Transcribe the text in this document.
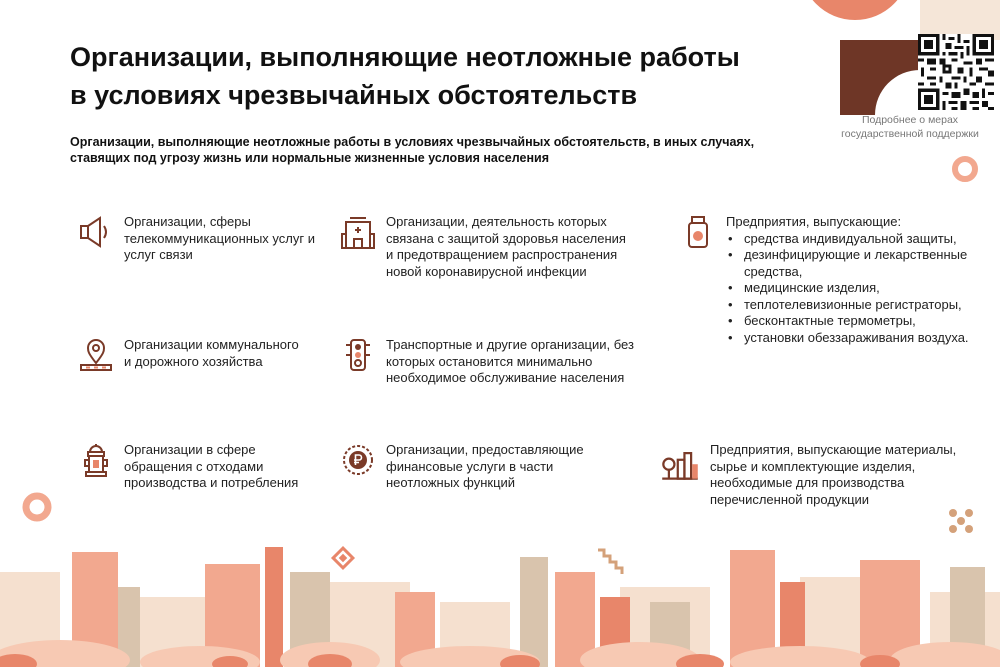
Подробнее о мерах государственной поддержки
Организации, выполняющие неотложные работы
в условиях чрезвычайных обстоятельств
Организации, выполняющие неотложные работы в условиях чрезвычайных обстоятельств, в иных случаях, ставящих под угрозу жизнь или нормальные жизненные условия населения
Организации, сферы телекоммуникационных услуг и услуг связи
Организации, деятельность которых связана с защитой здоровья населения и предотвращением распространения новой коронавирусной инфекции
Предприятия, выпускающие:
• средства индивидуальной защиты,
• дезинфицирующие и лекарственные средства,
• медицинские изделия,
• теплотелевизионные регистраторы,
• бесконтактные термометры,
• установки обеззараживания воздуха.
Организации коммунального и дорожного хозяйства
Транспортные и другие организации, без которых остановится минимально необходимое обслуживание населения
Организации в сфере обращения с отходами производства и потребления
Организации, предоставляющие финансовые услуги в части неотложных функций
Предприятия, выпускающие материалы, сырье и комплектующие изделия, необходимые для производства перечисленной продукции
